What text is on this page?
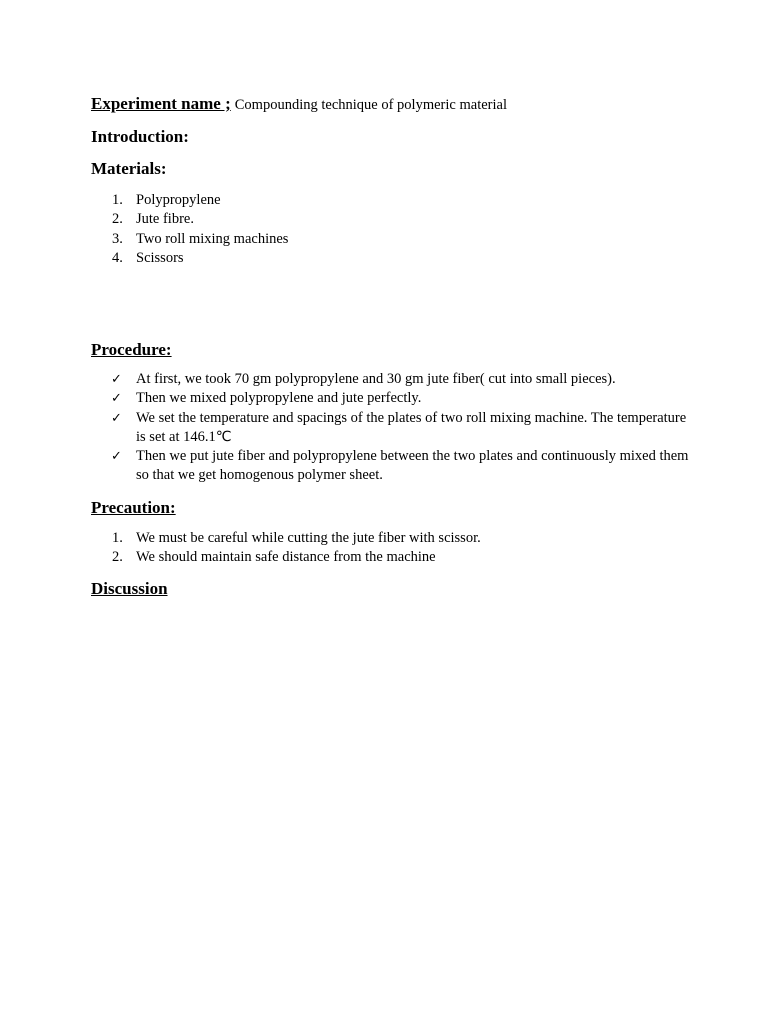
Experiment name ; Compounding technique of polymeric material

Introduction:
Materials:
1. Polypropylene
2. Jute fibre.
3. Two roll mixing machines
4. Scissors
Procedure:
✓ At first, we took 70 gm polypropylene and 30 gm jute fiber( cut into small pieces).
✓ Then we mixed polypropylene and jute perfectly.
✓ We set the temperature and spacings of the plates of two roll mixing machine. The temperature is set at 146.1℃
✓ Then we put jute fiber and polypropylene between the two plates and continuously mixed them so that we get homogenous polymer sheet.
Precaution:
1. We must be careful while cutting the jute fiber with scissor.
2. We should maintain safe distance from the machine
Discussion
